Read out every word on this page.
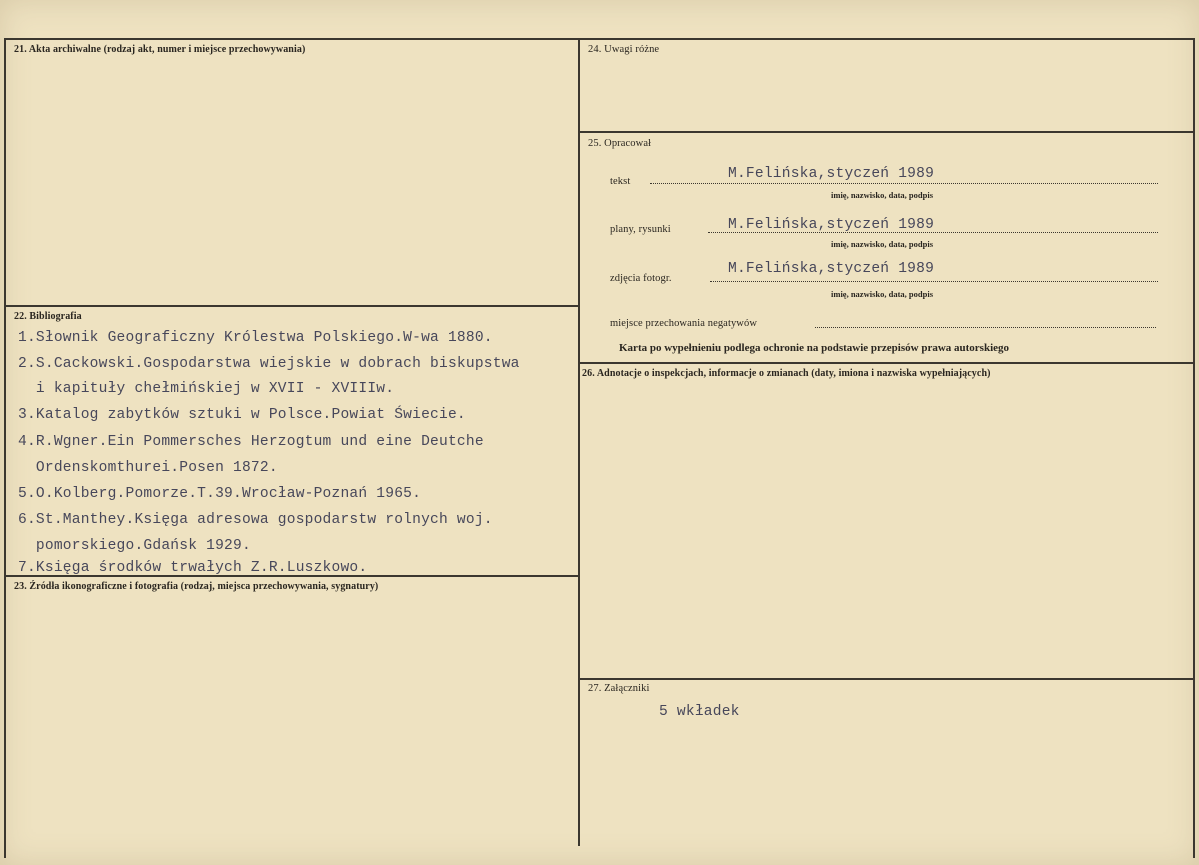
21. Akta archiwalne (rodzaj akt, numer i miejsce przechowywania)
22. Bibliografia
1.Słownik Geograficzny Królestwa Polskiego.W-wa 1880.
2.S.Cackowski.Gospodarstwa wiejskie w dobrach biskupstwa
i kapituły chełmińskiej w XVII - XVIIIw.
3.Katalog zabytków sztuki w Polsce.Powiat Świecie.
4.R.Wgner.Ein Pommersches Herzogtum und eine Deutche
Ordenskomthurei.Posen 1872.
5.O.Kolberg.Pomorze.T.39.Wrocław-Poznań 1965.
6.St.Manthey.Księga adresowa gospodarstw rolnych woj.
pomorskiego.Gdańsk 1929.
7.Księga środków trwałych Z.R.Luszkowo.
23. Źródła ikonograficzne i fotografia (rodzaj, miejsca przechowywania, sygnatury)
24. Uwagi różne
25. Opracował
tekst	M.Felińska,styczeń 1989
imię, nazwisko, data, podpis
plany, rysunki	M.Felińska,styczeń 1989
imię, nazwisko, data, podpis
zdjęcia fotogr.
M.Felińska,styczeń 1989
imię, nazwisko, data, podpis
miejsce przechowania negatywów
Karta po wypełnieniu podlega ochronie na podstawie przepisów prawa autorskiego
26. Adnotacje o inspekcjach, informacje o zmianach (daty, imiona i nazwiska wypełniających)
27. Załączniki
5 wkładek
